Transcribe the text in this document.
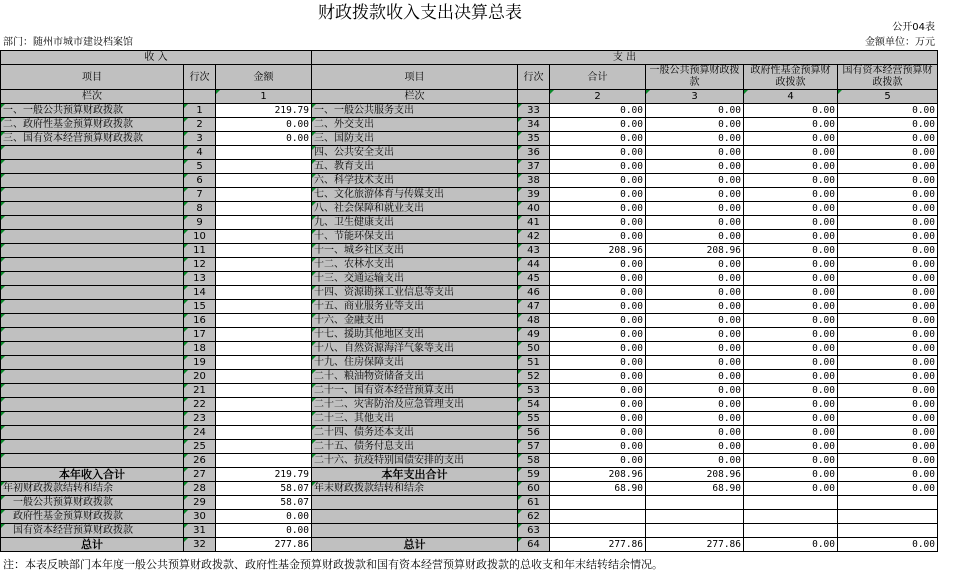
财政拨款收入支出决算总表
公开04表
部门：随州市城市建设档案馆	金额单位：万元
收 入			支 出					
项目	行次	金额	项目	行次	合计	一般公共预算财政拨款	政府性基金预算财政拨款	国有资本经营预算财政拨款
栏次		1	栏次		2	3	4	5
一、一般公共预算财政拨款	1	219.79	一、一般公共服务支出	33	0.00	0.00	0.00	0.00
二、政府性基金预算财政拨款	2	0.00	二、外交支出	34	0.00	0.00	0.00	0.00
三、国有资本经营预算财政拨款	3	0.00	三、国防支出	35	0.00	0.00	0.00	0.00
	4		四、公共安全支出	36	0.00	0.00	0.00	0.00
	5		五、教育支出	37	0.00	0.00	0.00	0.00
	6		六、科学技术支出	38	0.00	0.00	0.00	0.00
	7		七、文化旅游体育与传媒支出	39	0.00	0.00	0.00	0.00
	8		八、社会保障和就业支出	40	0.00	0.00	0.00	0.00
	9		九、卫生健康支出	41	0.00	0.00	0.00	0.00
	10		十、节能环保支出	42	0.00	0.00	0.00	0.00
	11		十一、城乡社区支出	43	208.96	208.96	0.00	0.00
	12		十二、农林水支出	44	0.00	0.00	0.00	0.00
	13		十三、交通运输支出	45	0.00	0.00	0.00	0.00
	14		十四、资源勘探工业信息等支出	46	0.00	0.00	0.00	0.00
	15		十五、商业服务业等支出	47	0.00	0.00	0.00	0.00
	16		十六、金融支出	48	0.00	0.00	0.00	0.00
	17		十七、援助其他地区支出	49	0.00	0.00	0.00	0.00
	18		十八、自然资源海洋气象等支出	50	0.00	0.00	0.00	0.00
	19		十九、住房保障支出	51	0.00	0.00	0.00	0.00
	20		二十、粮油物资储备支出	52	0.00	0.00	0.00	0.00
	21		二十一、国有资本经营预算支出	53	0.00	0.00	0.00	0.00
	22		二十二、灾害防治及应急管理支出	54	0.00	0.00	0.00	0.00
	23		二十三、其他支出	55	0.00	0.00	0.00	0.00
	24		二十四、债务还本支出	56	0.00	0.00	0.00	0.00
	25		二十五、债务付息支出	57	0.00	0.00	0.00	0.00
	26		二十六、抗疫特别国债安排的支出	58	0.00	0.00	0.00	0.00
本年收入合计	27	219.79	本年支出合计	59	208.96	208.96	0.00	0.00
年初财政拨款结转和结余	28	58.07	年末财政拨款结转和结余	60	68.90	68.90	0.00	0.00
一般公共预算财政拨款	29	58.07		61				
政府性基金预算财政拨款	30	0.00		62				
国有资本经营预算财政拨款	31	0.00		63				
总计	32	277.86	总计	64	277.86	277.86	0.00	0.00
注：本表反映部门本年度一般公共预算财政拨款、政府性基金预算财政拨款和国有资本经营预算财政拨款的总收支和年末结转结余情况。
